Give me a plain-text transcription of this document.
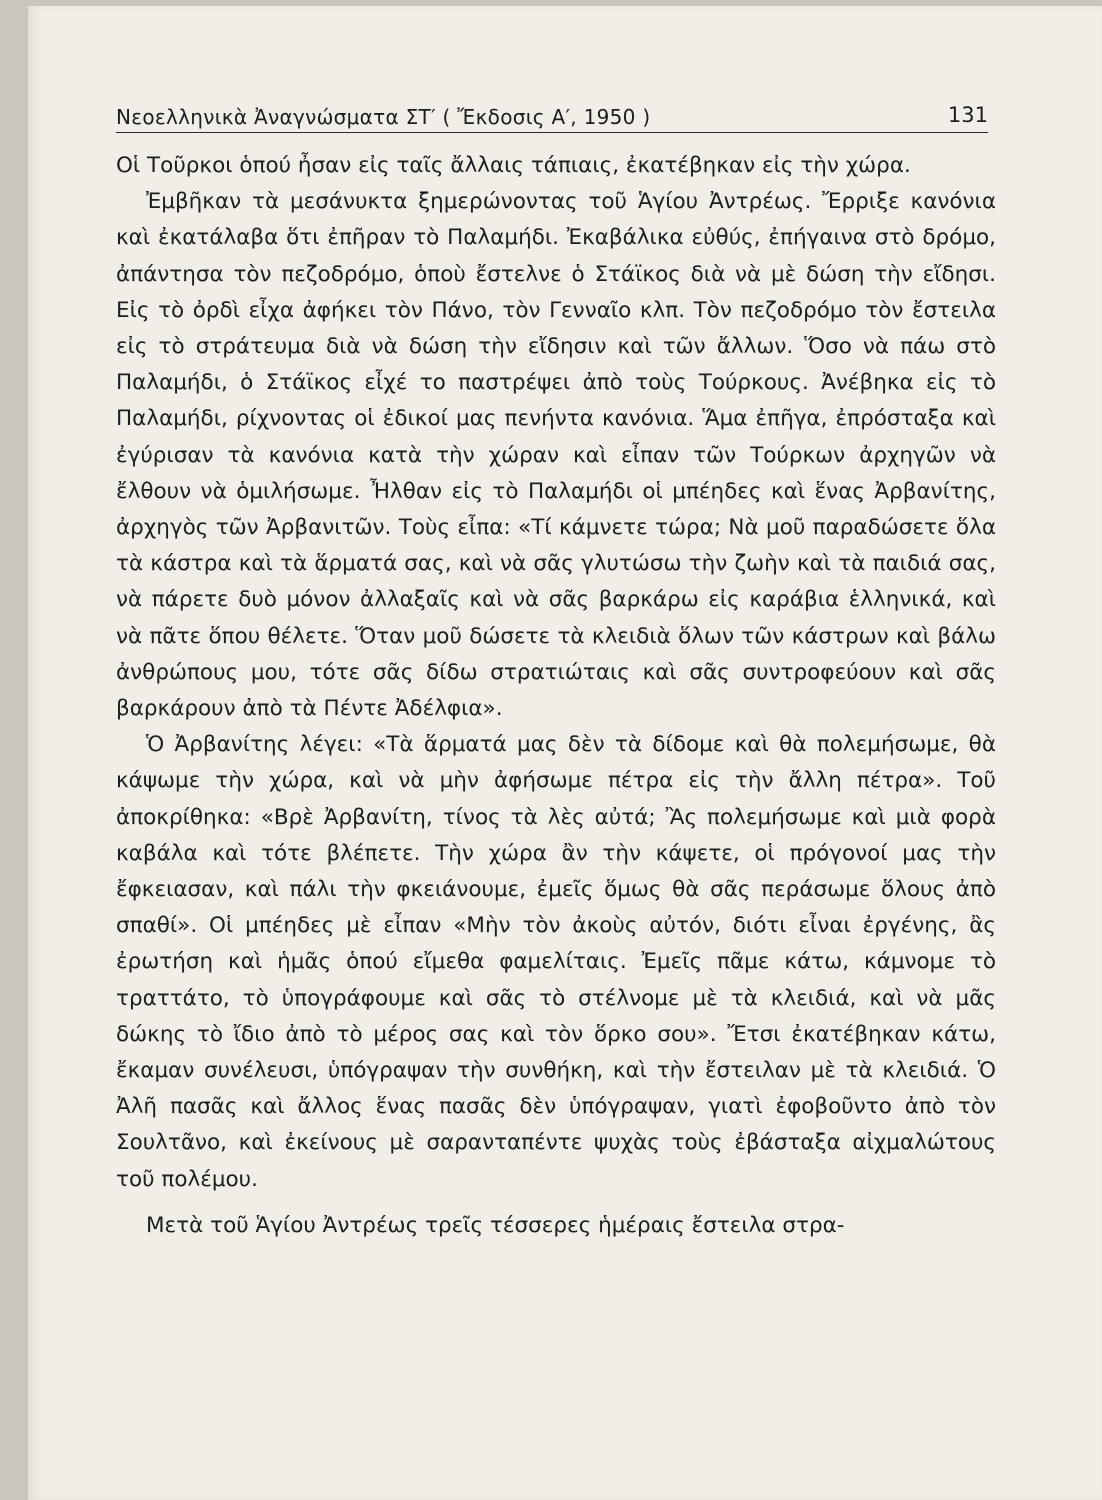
Νεοελληνικὰ Ἀναγνώσματα ΣΤ′ ( Ἔκδοσις Α′, 1950 )	131

Οἱ Τοῦρκοι ὁπού ἦσαν εἰς ταῖς ἄλλαις τάπιαις, ἐκατέβηκαν εἰς τὴν χώρα.

Ἐμβῆκαν τὰ μεσάνυκτα ξημερώνοντας τοῦ Ἁγίου Ἀντρέως. Ἔρριξε κανόνια καὶ ἐκατάλαβα ὅτι ἐπῆραν τὸ Παλαμήδι. Ἐκαβάλικα εὐθύς, ἐπήγαινα στὸ δρόμο, ἀπάντησα τὸν πεζοδρόμο, ὁποὺ ἔστελνε ὁ Στάϊκος διὰ νὰ μὲ δώση τὴν εἴδησι. Εἰς τὸ ὀρδὶ εἶχα ἀφήκει τὸν Πάνο, τὸν Γενναῖο κλπ. Τὸν πεζοδρόμο τὸν ἔστειλα εἰς τὸ στράτευμα διὰ νὰ δώση τὴν εἴδησιν καὶ τῶν ἄλλων. Ὅσο νὰ πάω στὸ Παλαμήδι, ὁ Στάϊκος εἶχέ το παστρέψει ἀπὸ τοὺς Τούρκους. Ἀνέβηκα εἰς τὸ Παλαμήδι, ρίχνοντας οἱ ἐδικοί μας πενήντα κανόνια. Ἅμα ἐπῆγα, ἐπρόσταξα καὶ ἐγύρισαν τὰ κανόνια κατὰ τὴν χώραν καὶ εἶπαν τῶν Τούρκων ἀρχηγῶν νὰ ἔλθουν νὰ ὁμιλήσωμε. Ἦλθαν εἰς τὸ Παλαμήδι οἱ μπέηδες καὶ ἕνας Ἀρβανίτης, ἀρχηγὸς τῶν Ἀρβανιτῶν. Τοὺς εἶπα: «Τί κάμνετε τώρα; Νὰ μοῦ παραδώσετε ὅλα τὰ κάστρα καὶ τὰ ἅρματά σας, καὶ νὰ σᾶς γλυτώσω τὴν ζωὴν καὶ τὰ παιδιά σας, νὰ πάρετε δυὸ μόνον ἀλλαξαῖς καὶ νὰ σᾶς βαρκάρω εἰς καράβια ἑλληνικά, καὶ νὰ πᾶτε ὅπου θέλετε. Ὅταν μοῦ δώσετε τὰ κλειδιὰ ὅλων τῶν κάστρων καὶ βάλω ἀνθρώπους μου, τότε σᾶς δίδω στρατιώταις καὶ σᾶς συντροφεύουν καὶ σᾶς βαρκάρουν ἀπὸ τὰ Πέντε Ἀδέλφια».

Ὁ Ἀρβανίτης λέγει: «Τὰ ἅρματά μας δὲν τὰ δίδομε καὶ θὰ πολεμήσωμε, θὰ κάψωμε τὴν χώρα, καὶ νὰ μὴν ἀφήσωμε πέτρα εἰς τὴν ἄλλη πέτρα». Τοῦ ἀποκρίθηκα: «Βρὲ Ἀρβανίτη, τίνος τὰ λὲς αὐτά; Ἂς πολεμήσωμε καὶ μιὰ φορὰ καβάλα καὶ τότε βλέπετε. Τὴν χώρα ἂν τὴν κάψετε, οἱ πρόγονοί μας τὴν ἔφκειασαν, καὶ πάλι τὴν φκειάνουμε, ἐμεῖς ὅμως θὰ σᾶς περάσωμε ὅλους ἀπὸ σπαθί». Οἱ μπέηδες μὲ εἶπαν «Μὴν τὸν ἀκοὺς αὐτόν, διότι εἶναι ἐργένης, ἂς ἐρωτήση καὶ ἡμᾶς ὁπού εἴμεθα φαμελίταις. Ἐμεῖς πᾶμε κάτω, κάμνομε τὸ τραττάτο, τὸ ὑπογράφουμε καὶ σᾶς τὸ στέλνομε μὲ τὰ κλειδιά, καὶ νὰ μᾶς δώκης τὸ ἴδιο ἀπὸ τὸ μέρος σας καὶ τὸν ὅρκο σου». Ἔτσι ἐκατέβηκαν κάτω, ἔκαμαν συνέλευσι, ὑπόγραψαν τὴν συνθήκη, καὶ τὴν ἔστειλαν μὲ τὰ κλειδιά. Ὁ Ἀλῆ πασᾶς καὶ ἄλλος ἕνας πασᾶς δὲν ὑπόγραψαν, γιατὶ ἐφοβοῦντο ἀπὸ τὸν Σουλτᾶνο, καὶ ἐκείνους μὲ σαρανταπέντε ψυχὰς τοὺς ἐβάσταξα αἰχμαλώτους τοῦ πολέμου.

Μετὰ τοῦ Ἁγίου Ἀντρέως τρεῖς τέσσερες ἡμέραις ἔστειλα στρα-
